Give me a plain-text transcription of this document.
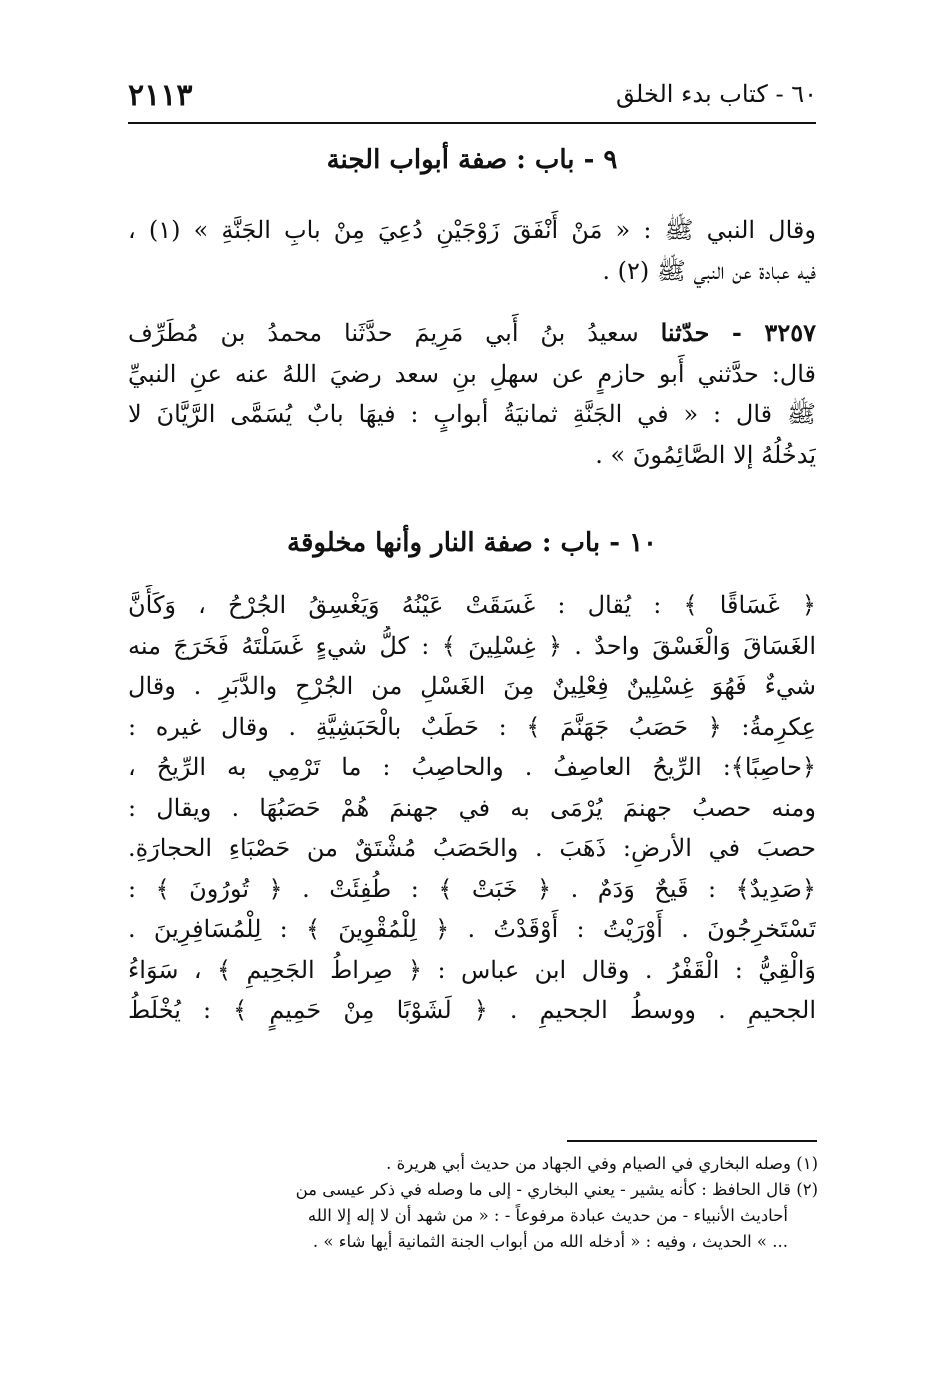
٦٠ - كتاب بدء الخلق
٢١١٣
٩ - باب : صفة أبواب الجنة
وقال النبي ﷺ : « مَنْ أَنْفَقَ زَوْجَيْنِ دُعِيَ مِنْ بابِ الجَنَّةِ » (١) ،
فيه عبادة عن النبي ﷺ (٢) .
٣٢٥٧ - حدّثنا سعيدُ بنُ أَبي مَرِيمَ حدَّثَنا محمدُ بن مُطَرِّف
قال: حدَّثني أَبو حازمٍ عن سهلِ بنِ سعد رضيَ اللهُ عنه عنِ النبيِّ
ﷺ قال : « في الجَنَّةِ ثمانيَةُ أبوابٍ : فيهَا بابٌ يُسَمَّى الرَّيَّانَ لا
يَدخُلُهُ إلا الصَّائِمُونَ » .
١٠ - باب : صفة النار وأنها مخلوقة
﴿ غَسَاقًا ﴾ : يُقال : غَسَقَتْ عَيْنُهُ وَيَغْسِقُ الجُرْحُ ، وَكَأَنَّ
الغَسَاقَ وَالْغَسْقَ واحدٌ . ﴿ غِسْلِينَ ﴾ : كلُّ شيءٍ غَسَلْتَهُ فَخَرَجَ منه
شيءٌ فَهُوَ غِسْلِينٌ فِعْلِينٌ مِنَ الغَسْلِ من الجُرْحِ والدَّبَرِ . وقال
عِكرِمةُ: ﴿ حَصَبُ جَهَنَّمَ ﴾ : حَطَبٌ بالْحَبَشِيَّةِ . وقال غيره :
﴿حاصِبًا﴾: الرِّيحُ العاصِفُ . والحاصِبُ : ما تَرْمِي به الرِّيحُ ،
ومنه حصبُ جهنمَ يُرْمَى به في جهنمَ هُمْ حَصَبُهَا . ويقال :
حصبَ في الأرضِ: ذَهَبَ . والحَصَبُ مُشْتَقٌ من حَصْبَاءِ الحجارَةِ.
﴿صَدِيدٌ﴾ : قَيحٌ وَدَمٌ . ﴿ خَبَتْ ﴾ : طُفِئَتْ . ﴿ تُورُونَ ﴾ :
تَسْتَخرِجُونَ . أَوْرَيْتُ : أَوْقَدْتُ . ﴿ لِلْمُقْوِينَ ﴾ : لِلْمُسَافِرِينَ .
وَالْقِيُّ : الْقَفْرُ . وقال ابن عباس : ﴿ صِراطُ الجَحِيمِ ﴾ ، سَوَاءُ
الجحيمِ . ووسطُ الجحيمِ . ﴿ لَشَوْبًا مِنْ حَمِيمٍ ﴾ : يُخْلَطُ
(١) وصله البخاري في الصيام وفي الجهاد من حديث أبي هريرة .
(٢) قال الحافظ : كأنه يشير - يعني البخاري - إلى ما وصله في ذكر عيسى من
أحاديث الأنبياء - من حديث عبادة مرفوعاً - : « من شهد أن لا إله إلا الله
... » الحديث ، وفيه : « أدخله الله من أبواب الجنة الثمانية أيها شاء » .
